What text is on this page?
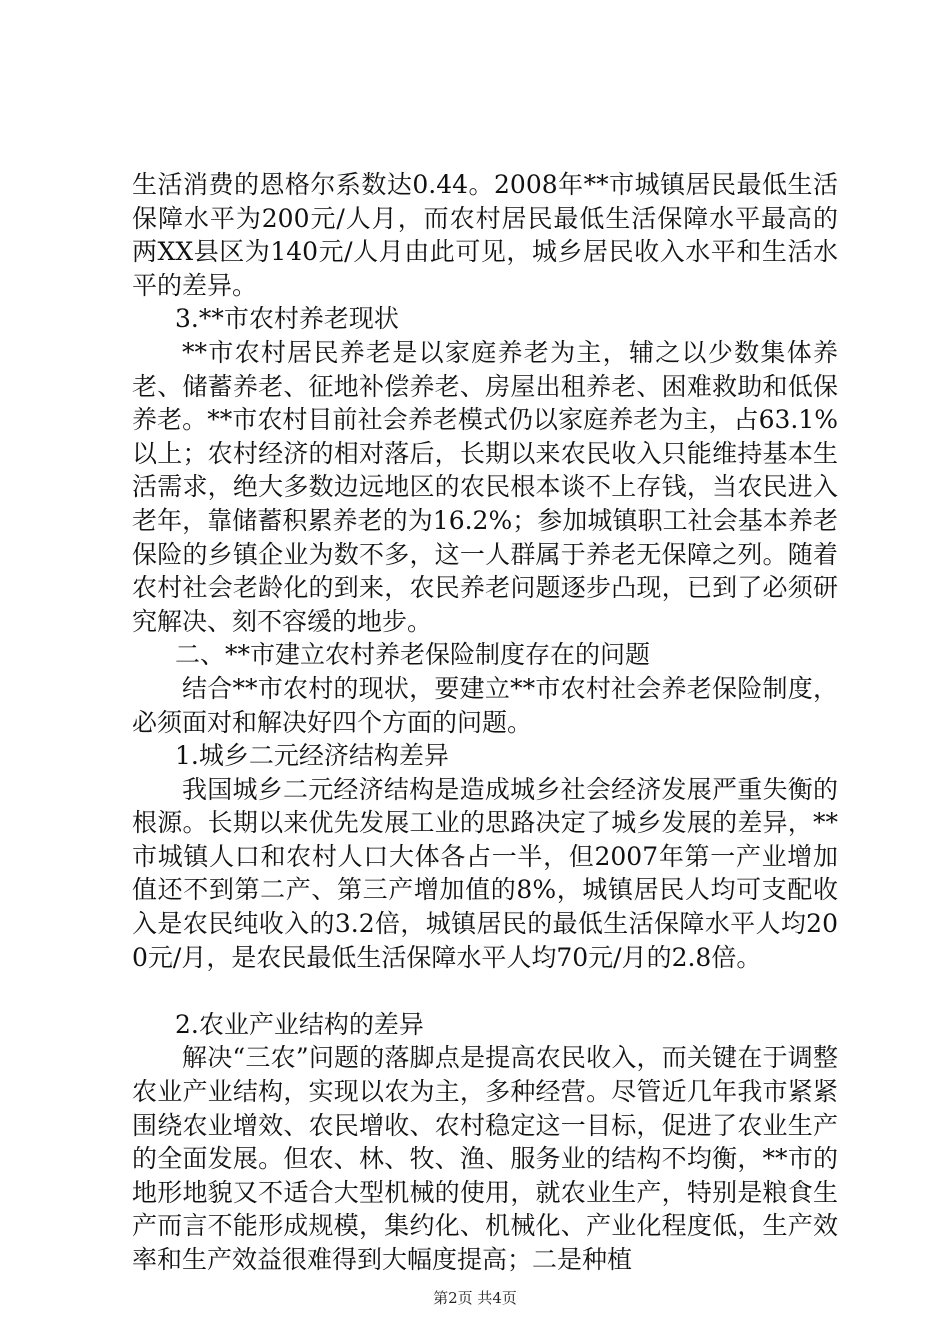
生活消费的恩格尔系数达0.44。2008年**市城镇居民最低生活保障水平为200元/人月，而农村居民最低生活保障水平最高的两XX县区为140元/人月由此可见，城乡居民收入水平和生活水平的差异。

3.**市农村养老现状

**市农村居民养老是以家庭养老为主，辅之以少数集体养老、储蓄养老、征地补偿养老、房屋出租养老、困难救助和低保养老。**市农村目前社会养老模式仍以家庭养老为主，占63.1%以上；农村经济的相对落后，长期以来农民收入只能维持基本生活需求，绝大多数边远地区的农民根本谈不上存钱，当农民进入老年，靠储蓄积累养老的为16.2%；参加城镇职工社会基本养老保险的乡镇企业为数不多，这一人群属于养老无保障之列。随着农村社会老龄化的到来，农民养老问题逐步凸现，已到了必须研究解决、刻不容缓的地步。

二、**市建立农村养老保险制度存在的问题

结合**市农村的现状，要建立**市农村社会养老保险制度，必须面对和解决好四个方面的问题。

1.城乡二元经济结构差异

我国城乡二元经济结构是造成城乡社会经济发展严重失衡的根源。长期以来优先发展工业的思路决定了城乡发展的差异，**市城镇人口和农村人口大体各占一半，但2007年第一产业增加值还不到第二产、第三产增加值的8%，城镇居民人均可支配收入是农民纯收入的3.2倍，城镇居民的最低生活保障水平人均200元/月，是农民最低生活保障水平人均70元/月的2.8倍。

2.农业产业结构的差异

解决“三农”问题的落脚点是提高农民收入，而关键在于调整农业产业结构，实现以农为主，多种经营。尽管近几年我市紧紧围绕农业增效、农民增收、农村稳定这一目标，促进了农业生产的全面发展。但农、林、牧、渔、服务业的结构不均衡，**市的地形地貌又不适合大型机械的使用，就农业生产，特别是粮食生产而言不能形成规模，集约化、机械化、产业化程度低，生产效率和生产效益很难得到大幅度提高；二是种植

第2页 共4页
